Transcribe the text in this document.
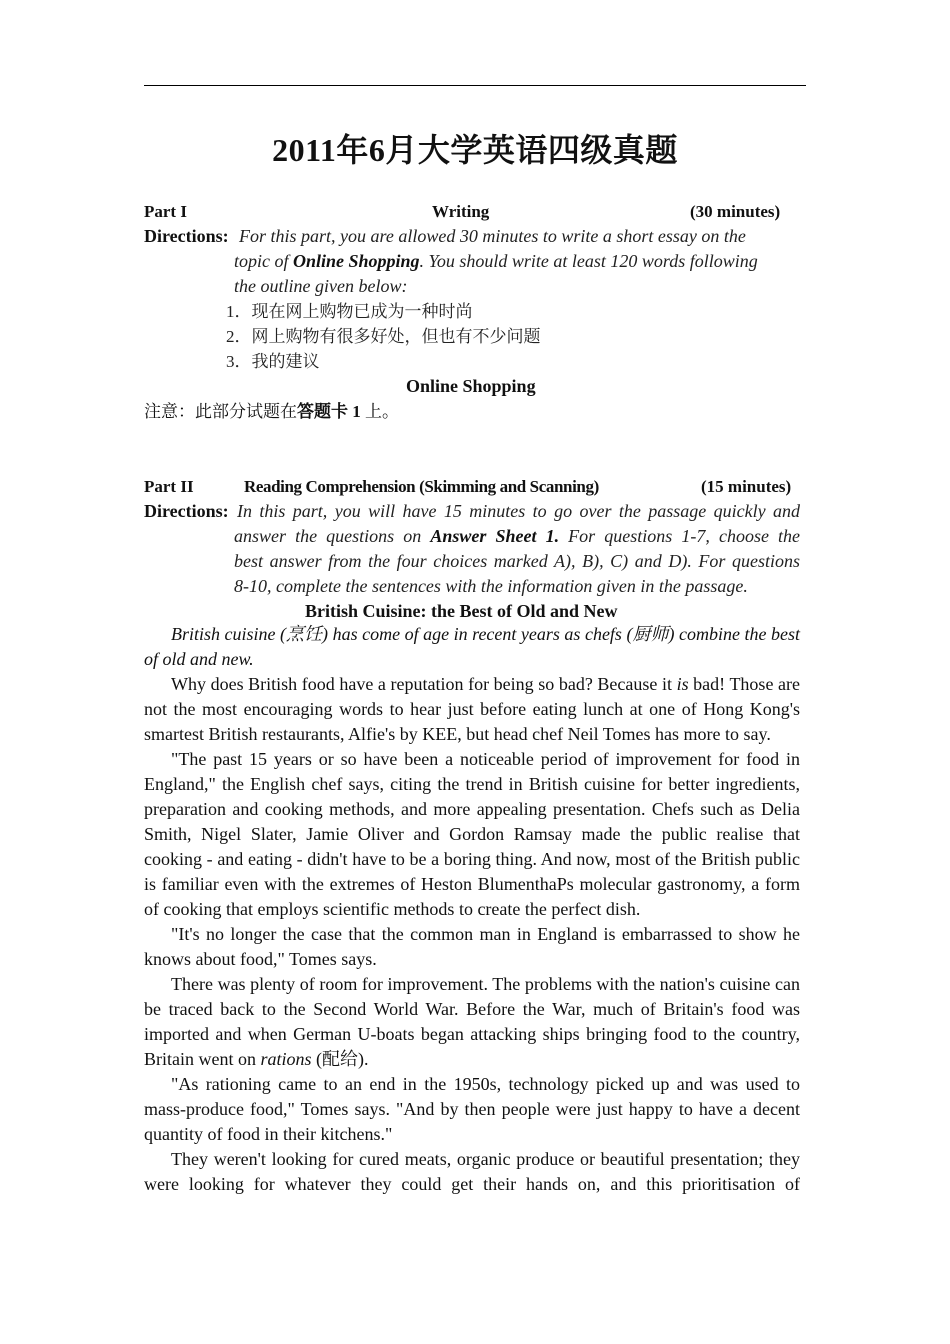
2011年6月大学英语四级真题
Part I	Writing	(30 minutes)
Directions: For this part, you are allowed 30 minutes to write a short essay on the
topic of Online Shopping. You should write at least 120 words following
the outline given below:
1．现在网上购物已成为一种时尚
2．网上购物有很多好处，但也有不少问题
3．我的建议
Online Shopping
注意：此部分试题在答题卡 1 上。
Part II	Reading Comprehension (Skimming and Scanning)	(15 minutes)
Directions: In this part, you will have 15 minutes to go over the passage quickly and
answer the questions on Answer Sheet 1. For questions 1-7, choose the
best answer from the four choices marked A), B), C) and D). For questions
8-10, complete the sentences with the information given in the passage.
British Cuisine: the Best of Old and New

British cuisine (烹饪) has come of age in recent years as chefs (厨师) combine the best of old and new.

Why does British food have a reputation for being so bad? Because it is bad! Those are not the most encouraging words to hear just before eating lunch at one of Hong Kong's smartest British restaurants, Alfie's by KEE, but head chef Neil Tomes has more to say.

"The past 15 years or so have been a noticeable period of improvement for food in England," the English chef says, citing the trend in British cuisine for better ingredients, preparation and cooking methods, and more appealing presentation. Chefs such as Delia Smith, Nigel Slater, Jamie Oliver and Gordon Ramsay made the public realise that cooking - and eating - didn't have to be a boring thing. And now, most of the British public is familiar even with the extremes of Heston BlumenthaPs molecular gastronomy, a form of cooking that employs scientific methods to create the perfect dish.

"It's no longer the case that the common man in England is embarrassed to show he knows about food," Tomes says.

There was plenty of room for improvement. The problems with the nation's cuisine can be traced back to the Second World War. Before the War, much of Britain's food was imported and when German U-boats began attacking ships bringing food to the country, Britain went on rations (配给).

"As rationing came to an end in the 1950s, technology picked up and was used to mass-produce food," Tomes says. "And by then people were just happy to have a decent quantity of food in their kitchens."

They weren't looking for cured meats, organic produce or beautiful presentation; they were looking for whatever they could get their hands on, and this prioritisation of
